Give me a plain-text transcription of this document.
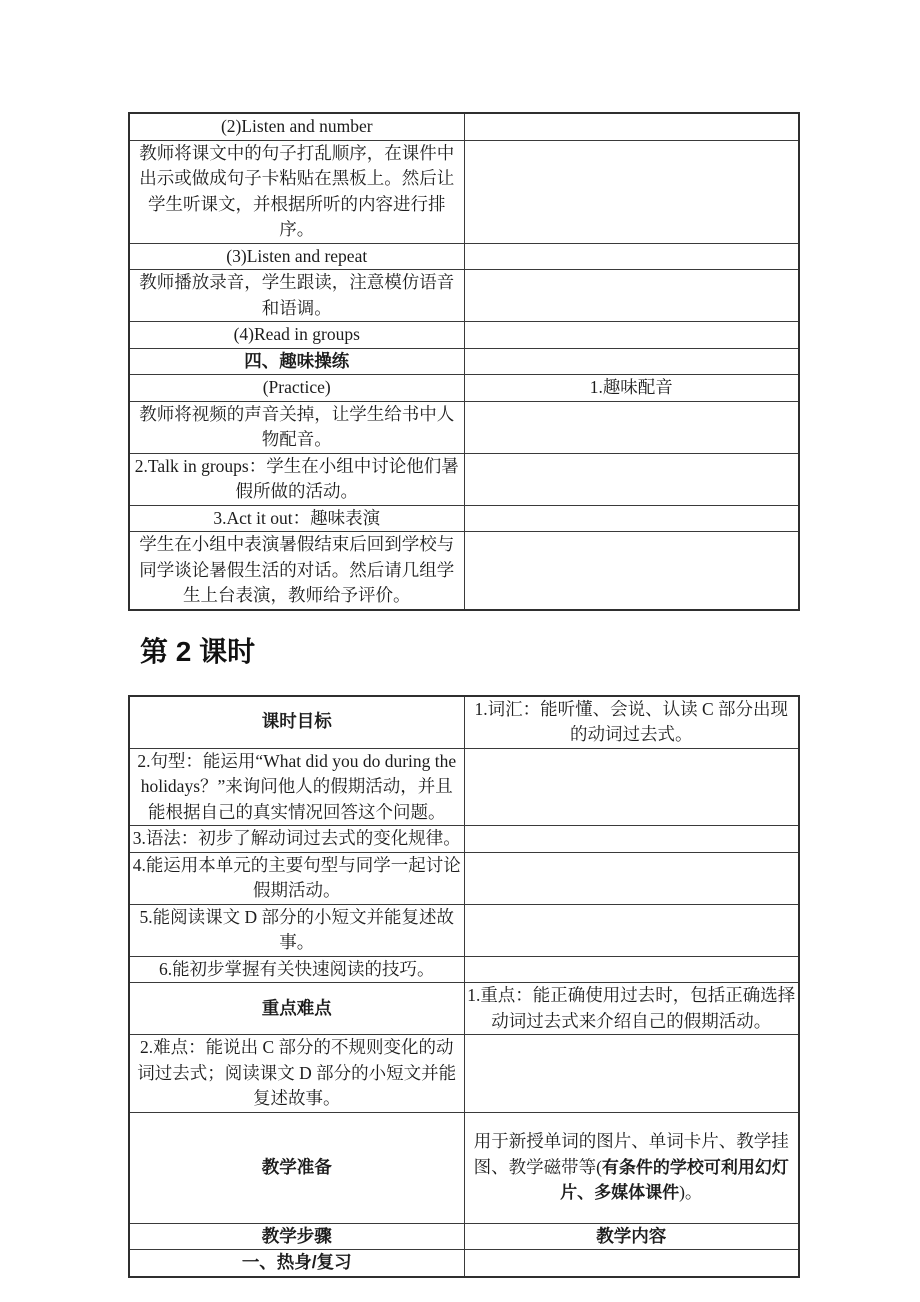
(2)Listen and number	
教师将课文中的句子打乱顺序，在课件中出示或做成句子卡粘贴在黑板上。然后让学生听课文，并根据所听的内容进行排序。	
(3)Listen and repeat	
教师播放录音，学生跟读，注意模仿语音和语调。	
(4)Read in groups	
四、趣味操练	
(Practice)	1.趣味配音
教师将视频的声音关掉，让学生给书中人物配音。	
2.Talk in groups：学生在小组中讨论他们暑假所做的活动。	
3.Act it out：趣味表演	
学生在小组中表演暑假结束后回到学校与同学谈论暑假生活的对话。然后请几组学生上台表演，教师给予评价。	
第 2 课时
课时目标	1.词汇：能听懂、会说、认读 C 部分出现的动词过去式。
2.句型：能运用“What did you do during the holidays？”来询问他人的假期活动，并且能根据自己的真实情况回答这个问题。	
3.语法：初步了解动词过去式的变化规律。	
4.能运用本单元的主要句型与同学一起讨论假期活动。	
5.能阅读课文 D 部分的小短文并能复述故事。	
6.能初步掌握有关快速阅读的技巧。	
重点难点	1.重点：能正确使用过去时，包括正确选择动词过去式来介绍自己的假期活动。
2.难点：能说出 C 部分的不规则变化的动词过去式；阅读课文 D 部分的小短文并能复述故事。	
教学准备	用于新授单词的图片、单词卡片、教学挂图、教学磁带等(有条件的学校可利用幻灯片、多媒体课件)。
教学步骤	教学内容
一、热身/复习	
